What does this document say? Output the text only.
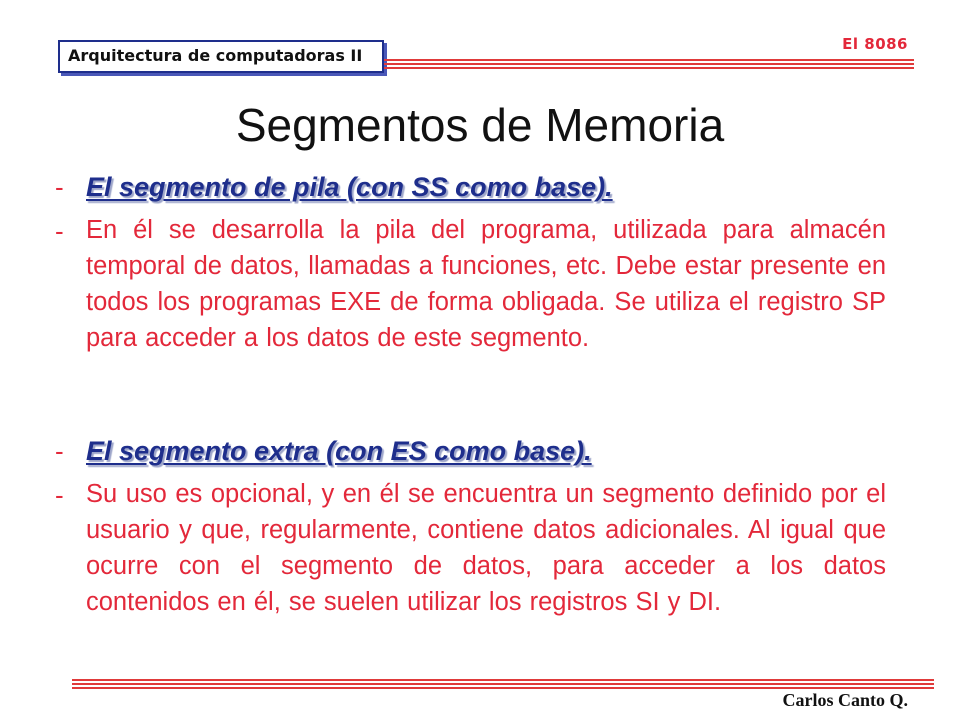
Arquitectura de computadoras II
El 8086
Segmentos de Memoria
- El segmento de pila (con SS como base).
- En él se desarrolla la pila del programa, utilizada para almacén temporal de datos, llamadas a funciones, etc. Debe estar presente en todos los programas EXE de forma obligada. Se utiliza el registro SP para acceder a los datos de este segmento.
- El segmento extra (con ES como base).
- Su uso es opcional, y en él se encuentra un segmento definido por el usuario y que, regularmente, contiene datos adicionales. Al igual que ocurre con el segmento de datos, para acceder a los datos contenidos en él, se suelen utilizar los registros SI y DI.
Carlos Canto Q.
